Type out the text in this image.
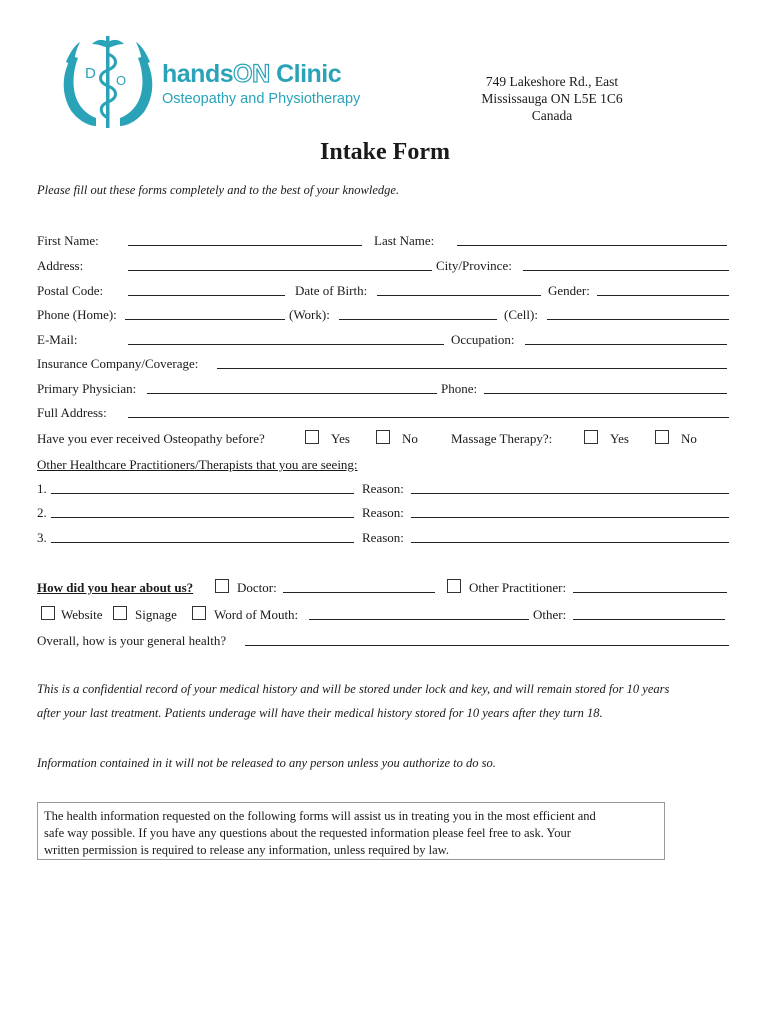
D O handsON Clinic
Osteopathy and Physiotherapy
749 Lakeshore Rd., East
Mississauga ON L5E 1C6
Canada
Intake Form
Please fill out these forms completely and to the best of your knowledge.
First Name:	Last Name:
Address:	City/Province:
Postal Code:	Date of Birth:	Gender:
Phone (Home):	(Work):	(Cell):
E-Mail:	Occupation:
Insurance Company/Coverage:
Primary Physician:	Phone:
Full Address:
Have you ever received Osteopathy before?	Yes	No	Massage Therapy?:	Yes	No
Other Healthcare Practitioners/Therapists that you are seeing:
1.	Reason:
2.	Reason:
3.	Reason:
How did you hear about us?	Doctor:	Other Practitioner:
Website Signage	Word of Mouth:	Other:
Overall, how is your general health?
This is a confidential record of your medical history and will be stored under lock and key, and will remain stored for 10 years
after your last treatment. Patients underage will have their medical history stored for 10 years after they turn 18.
Information contained in it will not be released to any person unless you authorize to do so.
The health information requested on the following forms will assist us in treating you in the most efficient and
safe way possible. If you have any questions about the requested information please feel free to ask. Your
written permission is required to release any information, unless required by law.
